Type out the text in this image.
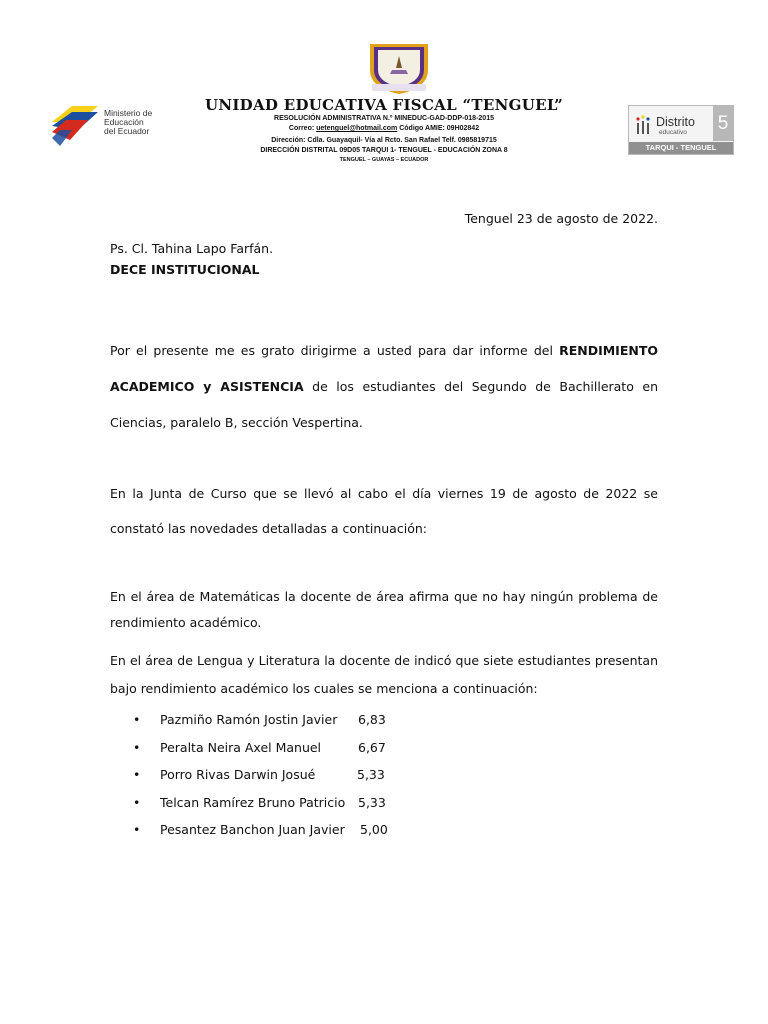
Ministerio de
Educación
del Ecuador
UNIDAD EDUCATIVA FISCAL “TENGUEL”
RESOLUCIÓN ADMINISTRATIVA N.º MINEDUC-GAD-DDP-018-2015
Correo: uetenguel@hotmail.com Código AMIE: 09H02842
Dirección: Cdla. Guayaquil- Vía al Rcto. San Rafael Telf. 0985819715
DIRECCIÓN DISTRITAL 09D05 TARQUI 1- TENGUEL - EDUCACIÓN ZONA 8
TENGUEL – GUAYAS – ECUADOR
Distrito
educativo 5
TARQUI - TENGUEL
Tenguel 23 de agosto de 2022.
Ps. Cl. Tahina Lapo Farfán.
DECE INSTITUCIONAL
Por el presente me es grato dirigirme a usted para dar informe del RENDIMIENTO ACADEMICO y ASISTENCIA de los estudiantes del Segundo de Bachillerato en Ciencias, paralelo B, sección Vespertina.
En la Junta de Curso que se llevó al cabo el día viernes 19 de agosto de 2022 se constató las novedades detalladas a continuación:
En el área de Matemáticas la docente de área afirma que no hay ningún problema de rendimiento académico.
En el área de Lengua y Literatura la docente de indicó que siete estudiantes presentan bajo rendimiento académico los cuales se menciona a continuación:
• Pazmiño Ramón Jostin Javier 6,83
• Peralta Neira Axel Manuel	6,67
• Porro Rivas Darwin Josué	5,33
• Telcan Ramírez Bruno Patricio 5,33
• Pesantez Banchon Juan Javier 5,00
